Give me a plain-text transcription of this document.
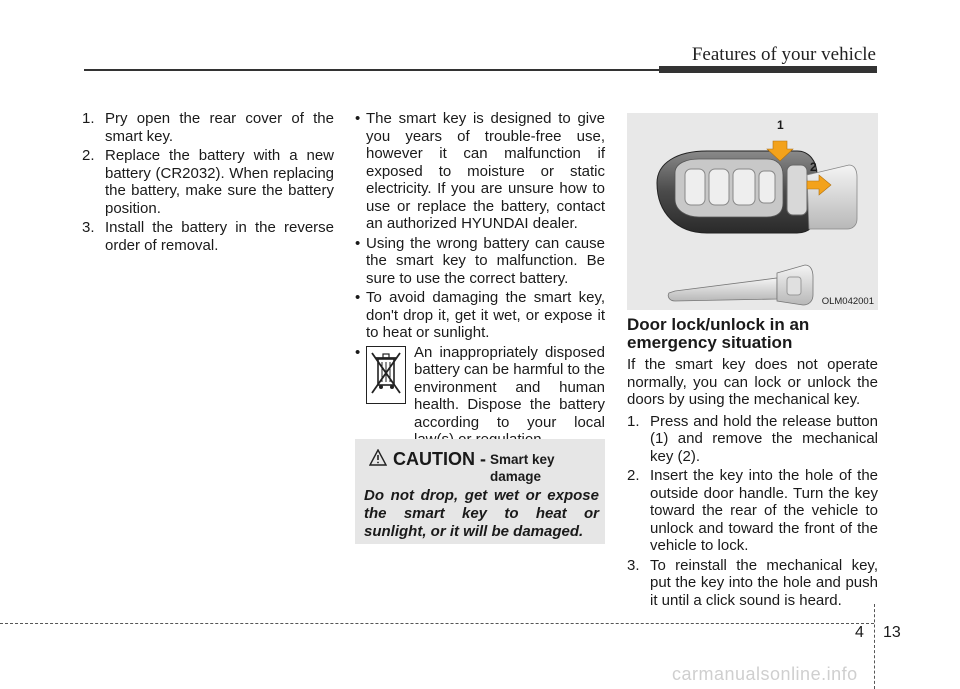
Features of your vehicle
1. Pry open the rear cover of the smart key.
2. Replace the battery with a new battery (CR2032). When replacing the battery, make sure the battery position.
3. Install the battery in the reverse order of removal.
• The smart key is designed to give you years of trouble-free use, however it can malfunction if exposed to moisture or static electricity. If you are unsure how to use or replace the battery, contact an authorized HYUNDAI dealer.
• Using the wrong battery can cause the smart key to malfunction. Be sure to use the correct battery.
• To avoid damaging the smart key, don't drop it, get it wet, or expose it to heat or sunlight.
•	An inappropriately disposed battery can be harmful to the environment and human health. Dispose the battery according to your local
CAUTION - Smart key damage
Do not drop, get wet or expose the smart key to heat or sunlight, or it will be damaged.
1
2
OLM042001
Door lock/unlock in an emergency situation
If the smart key does not operate normally, you can lock or unlock the doors by using the mechanical key.
1. Press and hold the release button (1) and remove the mechanical key (2).
2. Insert the key into the hole of the outside door handle. Turn the key toward the rear of the vehicle to unlock and toward the front of the vehicle to lock.
3. To reinstall the mechanical key, put the key into the hole and push it until a click sound is heard.
4 13
carmanualsonline.info
